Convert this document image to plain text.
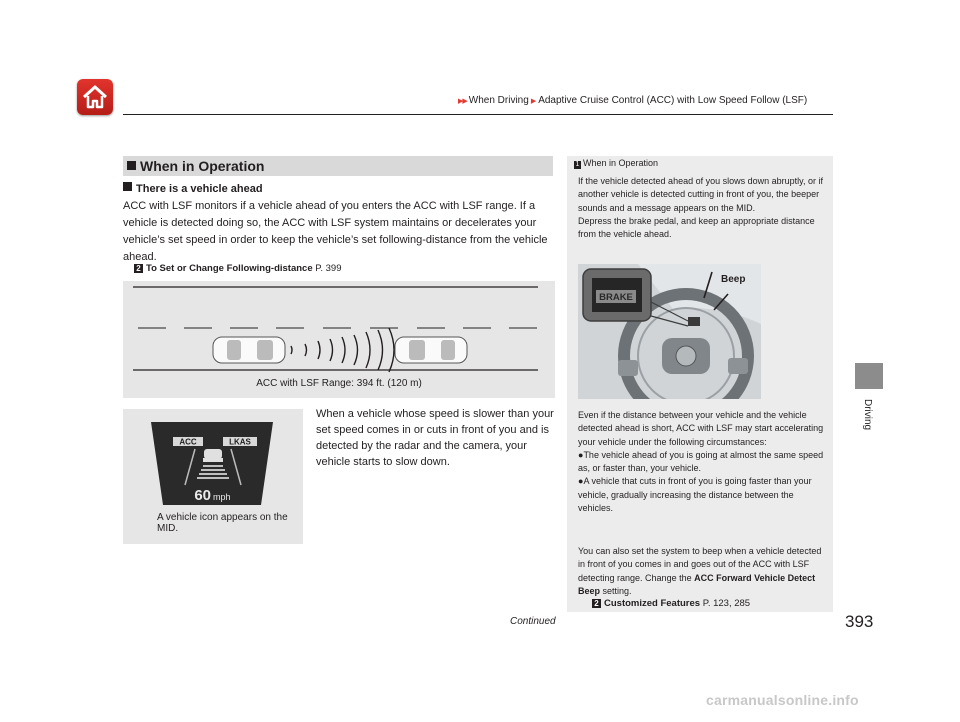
▶▶ When Driving ▶ Adaptive Cruise Control (ACC) with Low Speed Follow (LSF)
Driving
When in Operation
There is a vehicle ahead
ACC with LSF monitors if a vehicle ahead of you enters the ACC with LSF range. If a vehicle is detected doing so, the ACC with LSF system maintains or decelerates your vehicle’s set speed in order to keep the vehicle’s set following-distance from the vehicle ahead.
2 To Set or Change Following-distance P. 399
ACC with LSF Range: 394 ft. (120 m)
ACC	LKAS
60 mph
A vehicle icon appears on the MID.
When a vehicle whose speed is slower than your set speed comes in or cuts in front of you and is detected by the radar and the camera, your vehicle starts to slow down.
1 When in Operation
If the vehicle detected ahead of you slows down abruptly, or if another vehicle is detected cutting in front of you, the beeper sounds and a message appears on the MID.
Depress the brake pedal, and keep an appropriate distance from the vehicle ahead.
BRAKE
Beep
Even if the distance between your vehicle and the vehicle detected ahead is short, ACC with LSF may start accelerating your vehicle under the following circumstances:
●The vehicle ahead of you is going at almost the same speed as, or faster than, your vehicle.
●A vehicle that cuts in front of you is going faster than your vehicle, gradually increasing the distance between the vehicles.
You can also set the system to beep when a vehicle detected in front of you comes in and goes out of the ACC with LSF detecting range. Change the ACC Forward Vehicle Detect Beep setting.
2 Customized Features P. 123, 285
Continued	393
carmanualsonline.info
